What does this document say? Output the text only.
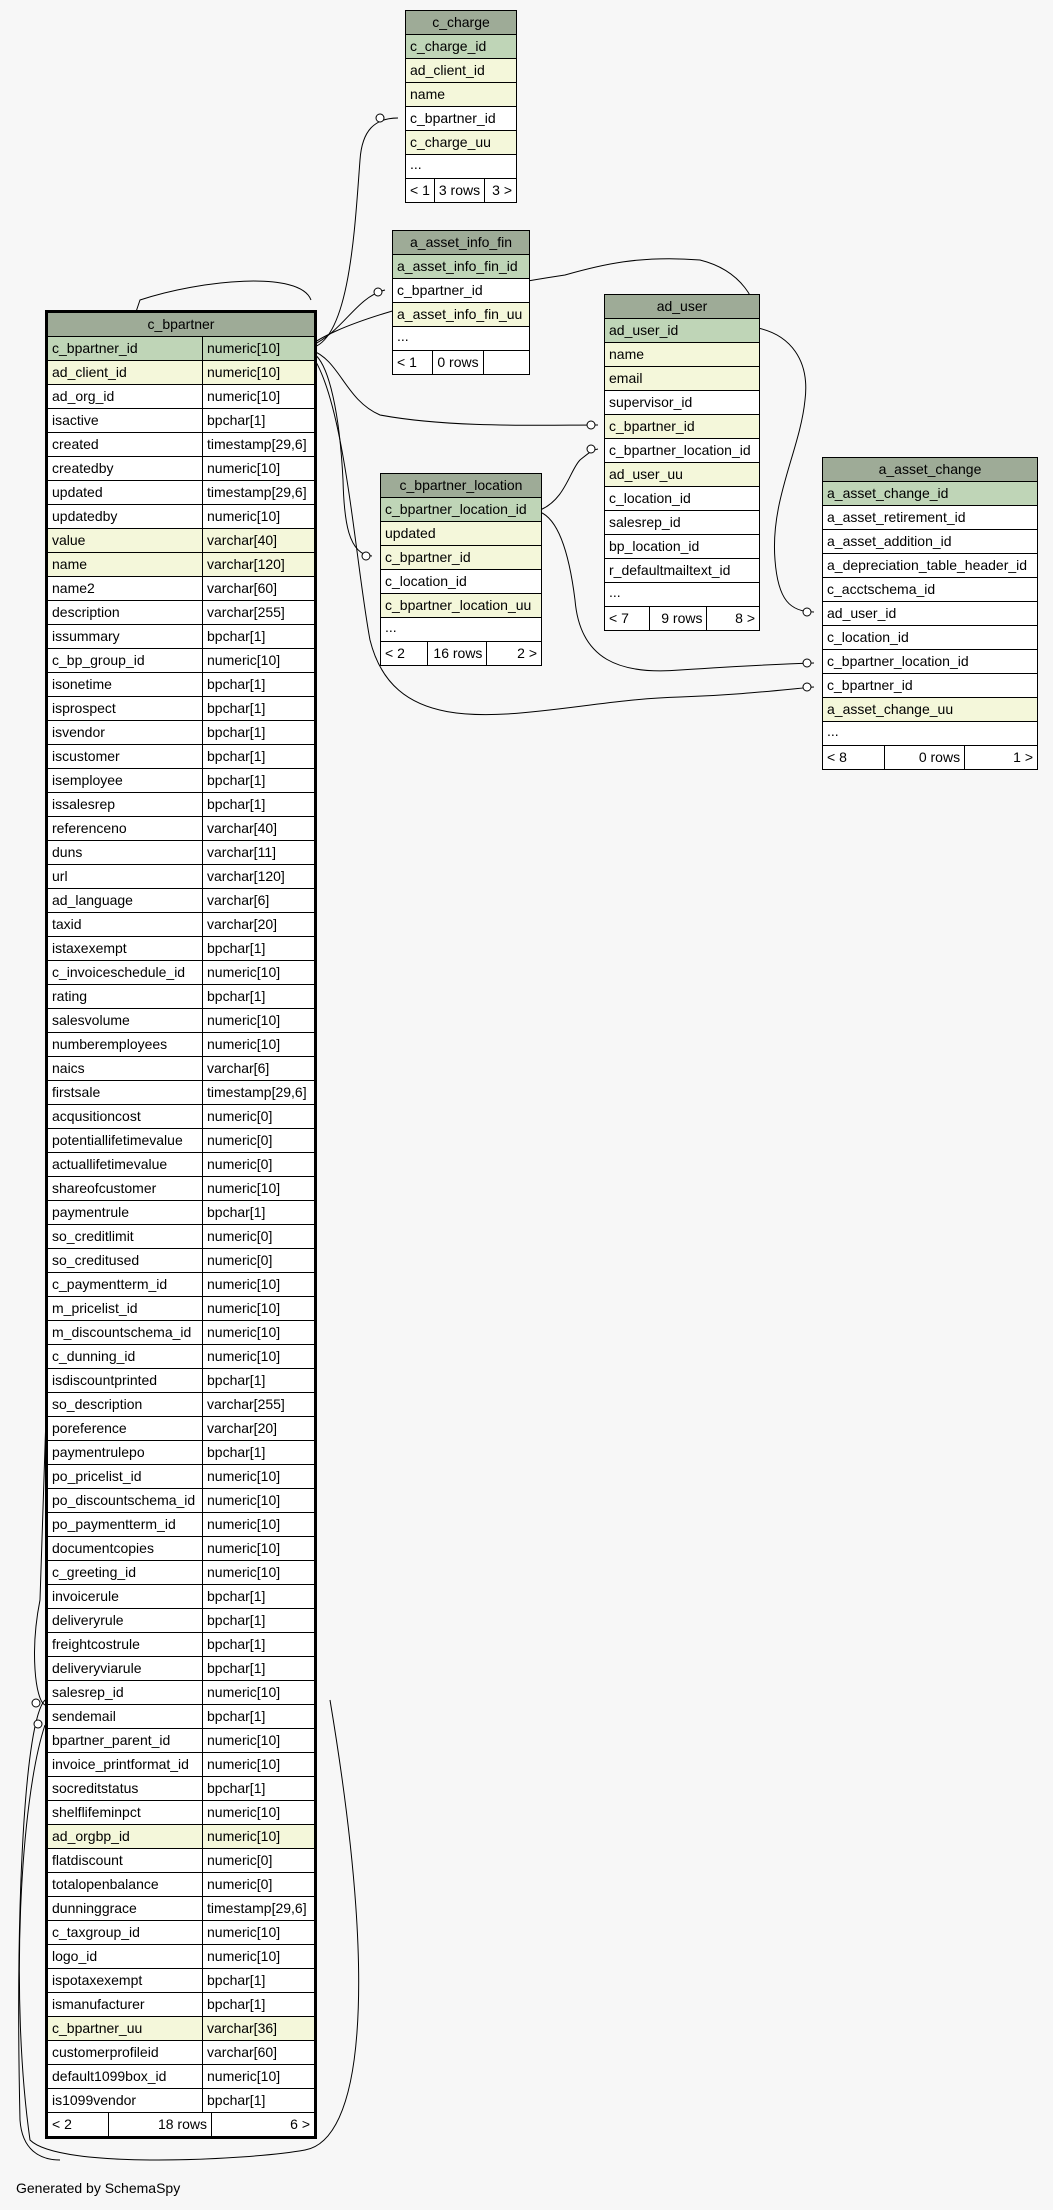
c_charge
c_charge_id
ad_client_id
name
c_bpartner_id
c_charge_uu
...
< 1 3 rows 3 >
a_asset_info_fin
a_asset_info_fin_id
c_bpartner_id
a_asset_info_fin_uu
...
< 1	0 rows
ad_user
ad_user_id
name
email
supervisor_id
c_bpartner_id
c_bpartner_location_id
ad_user_uu
c_location_id
salesrep_id
bp_location_id
r_defaultmailtext_id
...
< 7	9 rows	8 >
c_bpartner_location
c_bpartner_location_id
updated
c_bpartner_id
c_location_id
c_bpartner_location_uu
...
< 2	16 rows	2 >
a_asset_change
a_asset_change_id
a_asset_retirement_id
a_asset_addition_id
a_depreciation_table_header_id
c_acctschema_id
ad_user_id
c_location_id
c_bpartner_location_id
c_bpartner_id
a_asset_change_uu
...
< 8	0 rows	1 >
c_bpartner
c_bpartner_id	numeric[10]
ad_client_id	numeric[10]
ad_org_id	numeric[10]
isactive	bpchar[1]
created	timestamp[29,6]
createdby	numeric[10]
updated	timestamp[29,6]
updatedby	numeric[10]
value	varchar[40]
name	varchar[120]
name2	varchar[60]
description	varchar[255]
issummary	bpchar[1]
c_bp_group_id	numeric[10]
isonetime	bpchar[1]
isprospect	bpchar[1]
isvendor	bpchar[1]
iscustomer	bpchar[1]
isemployee	bpchar[1]
issalesrep	bpchar[1]
referenceno	varchar[40]
duns	varchar[11]
url	varchar[120]
ad_language	varchar[6]
taxid	varchar[20]
istaxexempt	bpchar[1]
c_invoiceschedule_id	numeric[10]
rating	bpchar[1]
salesvolume	numeric[10]
numberemployees	numeric[10]
naics	varchar[6]
firstsale	timestamp[29,6]
acqusitioncost	numeric[0]
potentiallifetimevalue	numeric[0]
actuallifetimevalue	numeric[0]
shareofcustomer	numeric[10]
paymentrule	bpchar[1]
so_creditlimit	numeric[0]
so_creditused	numeric[0]
c_paymentterm_id	numeric[10]
m_pricelist_id	numeric[10]
m_discountschema_id	numeric[10]
c_dunning_id	numeric[10]
isdiscountprinted	bpchar[1]
so_description	varchar[255]
poreference	varchar[20]
paymentrulepo	bpchar[1]
po_pricelist_id	numeric[10]
po_discountschema_id numeric[10]
po_paymentterm_id	numeric[10]
documentcopies	numeric[10]
c_greeting_id	numeric[10]
invoicerule	bpchar[1]
deliveryrule	bpchar[1]
freightcostrule	bpchar[1]
deliveryviarule	bpchar[1]
salesrep_id	numeric[10]
sendemail	bpchar[1]
bpartner_parent_id	numeric[10]
invoice_printformat_id	numeric[10]
socreditstatus	bpchar[1]
shelflifeminpct	numeric[10]
ad_orgbp_id	numeric[10]
flatdiscount	numeric[0]
totalopenbalance	numeric[0]
dunninggrace	timestamp[29,6]
c_taxgroup_id	numeric[10]
logo_id	numeric[10]
ispotaxexempt	bpchar[1]
ismanufacturer	bpchar[1]
c_bpartner_uu	varchar[36]
customerprofileid	varchar[60]
default1099box_id	numeric[10]
is1099vendor	bpchar[1]
< 2	18 rows	6 >
Generated by SchemaSpy
